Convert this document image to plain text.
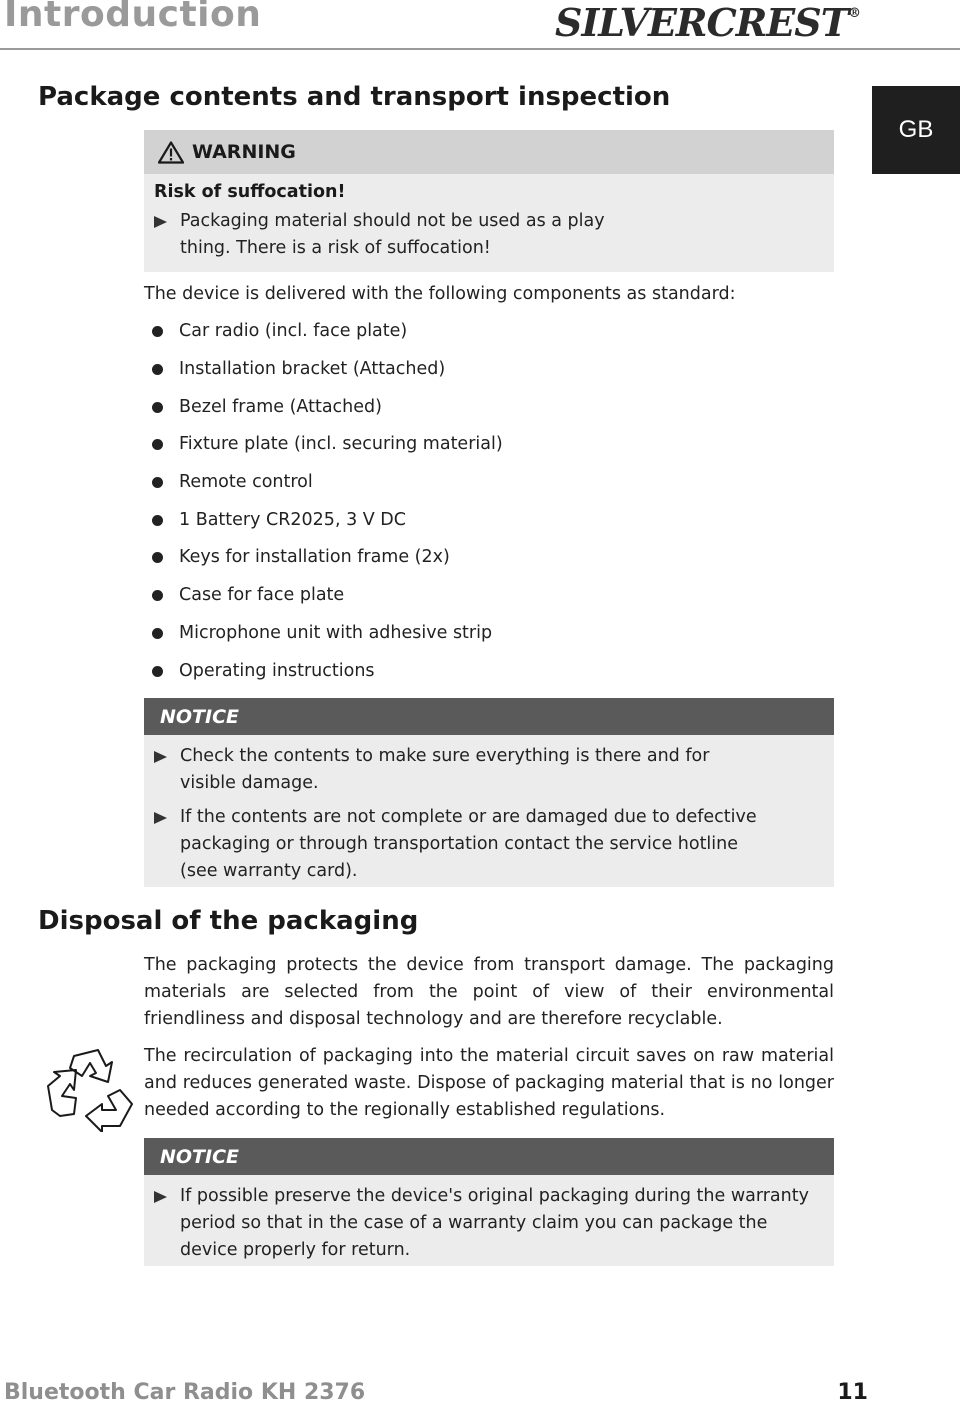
Introduction	SILVERCREST®
GB
Package contents and transport inspection
WARNING
Risk of suffocation!
Packaging material should not be used as a play thing. There is a risk of suffocation!
The device is delivered with the following components as standard:
Car radio (incl. face plate)
Installation bracket (Attached)
Bezel frame (Attached)
Fixture plate (incl. securing material)
Remote control
1 Battery CR2025, 3 V DC
Keys for installation frame (2x)
Case for face plate
Microphone unit with adhesive strip
Operating instructions
NOTICE
Check the contents to make sure everything is there and for visible damage.
If the contents are not complete or are damaged due to defective packaging or through transportation contact the service hotline (see warranty card).
Disposal of the packaging

The packaging protects the device from transport damage. The packaging materials are selected from the point of view of their environmental friendliness and disposal technology and are therefore recyclable.

The recirculation of packaging into the material circuit saves on raw material and reduces generated waste. Dispose of packaging material that is no longer needed according to the regionally established regulations.

NOTICE
If possible preserve the device's original packaging during the warranty period so that in the case of a warranty claim you can package the device properly for return.
Bluetooth Car Radio KH 2376	11
